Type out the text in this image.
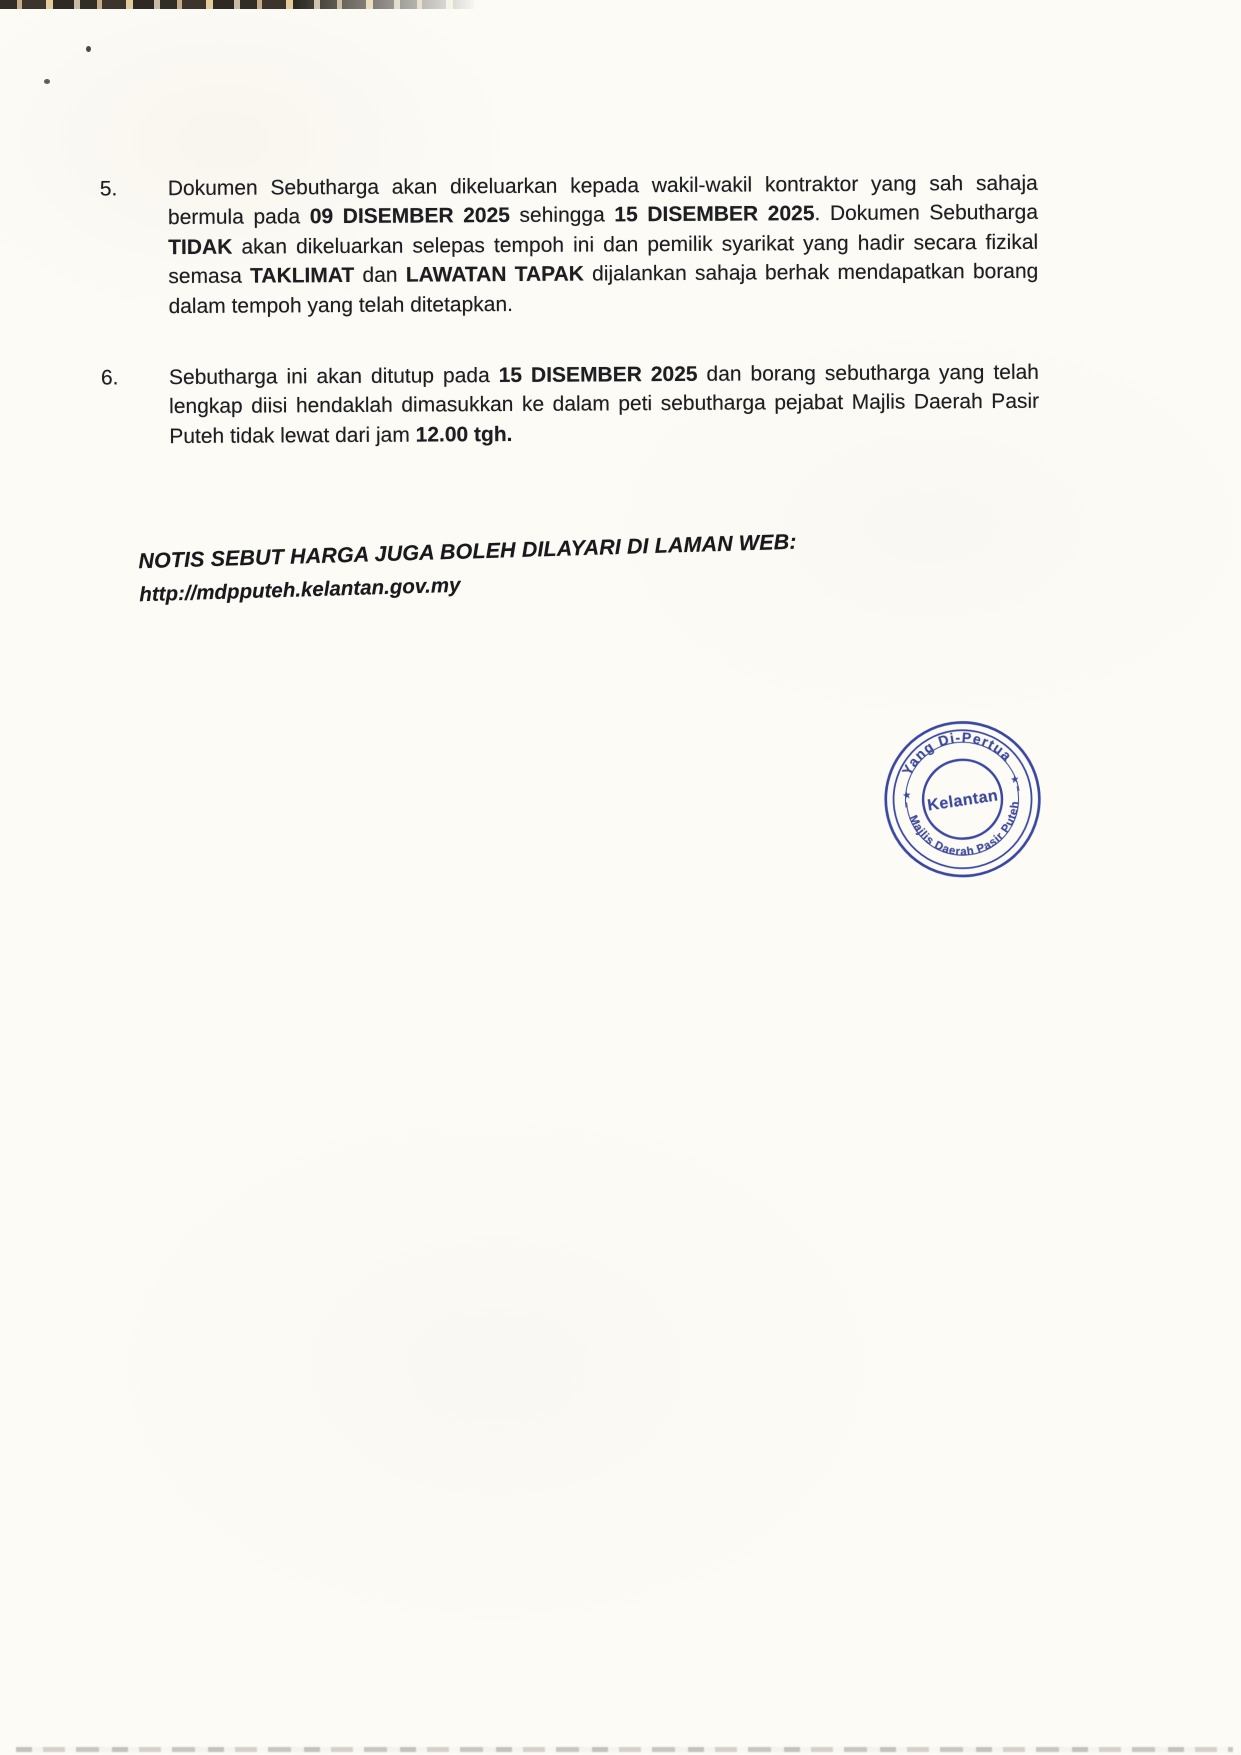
5.	Dokumen Sebutharga akan dikeluarkan kepada wakil-wakil kontraktor yang sah sahaja
bermula pada 09 DISEMBER 2025 sehingga 15 DISEMBER 2025. Dokumen Sebutharga
TIDAK akan dikeluarkan selepas tempoh ini dan pemilik syarikat yang hadir secara fizikal
semasa TAKLIMAT dan LAWATAN TAPAK dijalankan sahaja berhak mendapatkan borang
dalam tempoh yang telah ditetapkan.
6.	Sebutharga ini akan ditutup pada 15 DISEMBER 2025 dan borang sebutharga yang telah
lengkap diisi hendaklah dimasukkan ke dalam peti sebutharga pejabat Majlis Daerah Pasir
Puteh tidak lewat dari jam 12.00 tgh.
NOTIS SEBUT HARGA JUGA BOLEH DILAYARI DI LAMAN WEB:
http://mdpputeh.kelantan.gov.my
Yang Di-Pertua
Majlis Daerah Pasir Puteh
Kelantan
★
★
